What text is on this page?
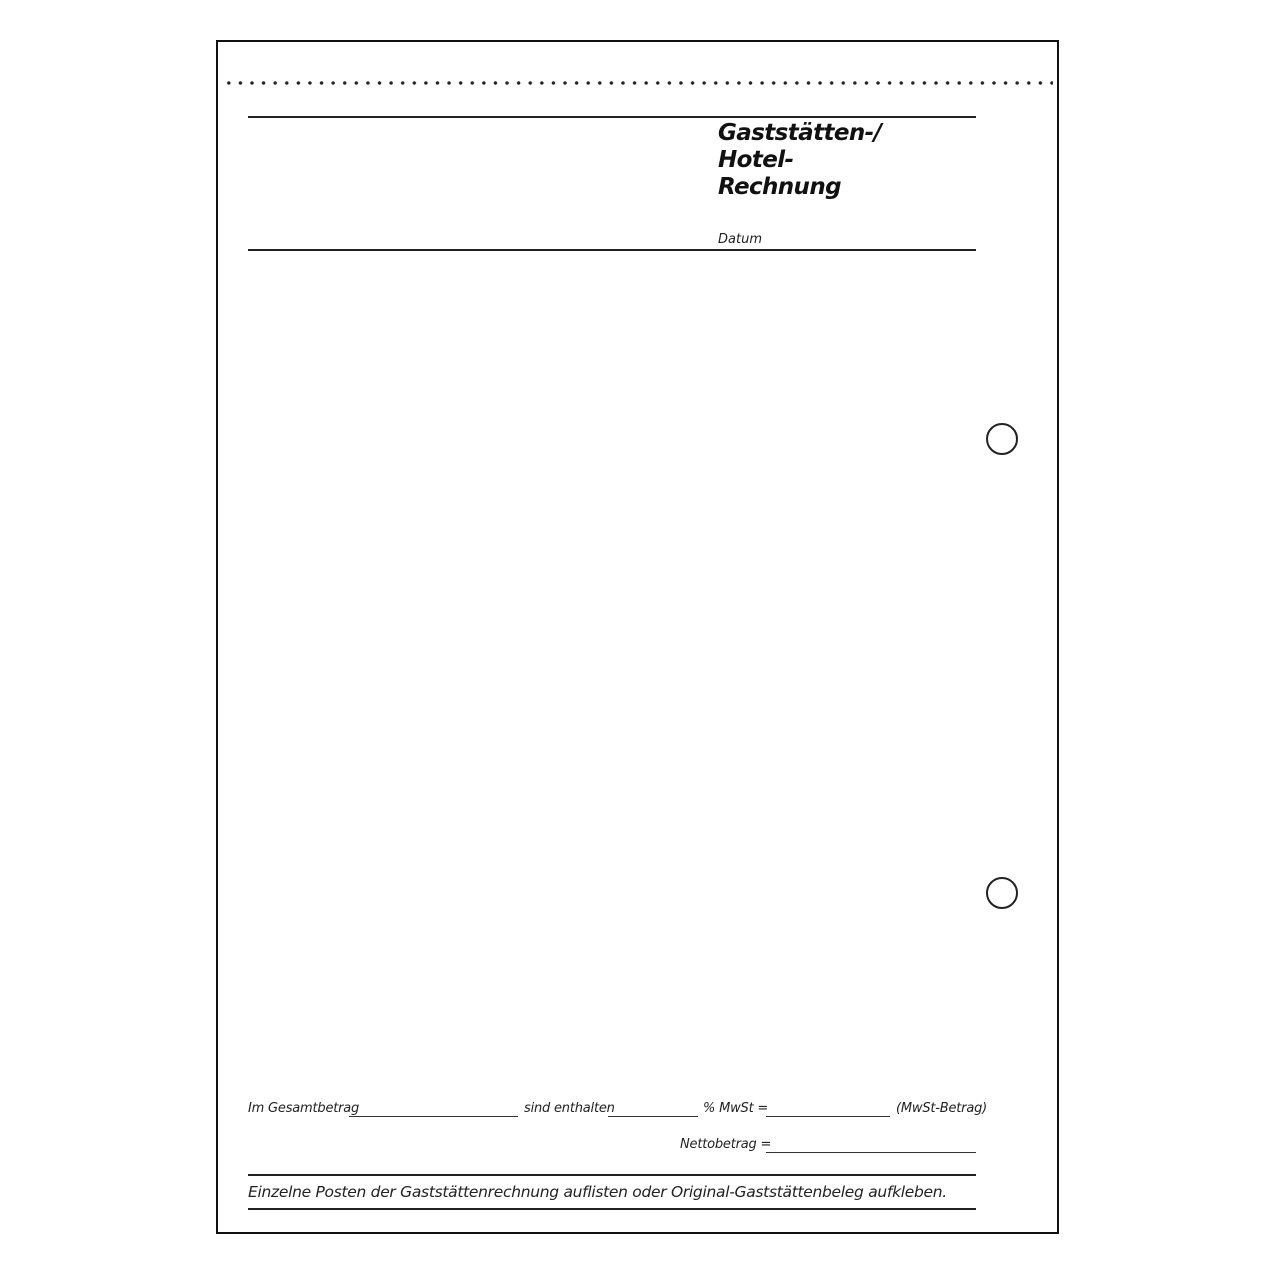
Gaststätten-/
Hotel-
Rechnung
Datum
Im Gesamtbetrag	sind enthalten	% MwSt =	(MwSt-Betrag)
Nettobetrag =
Einzelne Posten der Gaststättenrechnung auflisten oder Original-Gaststättenbeleg aufkleben.
